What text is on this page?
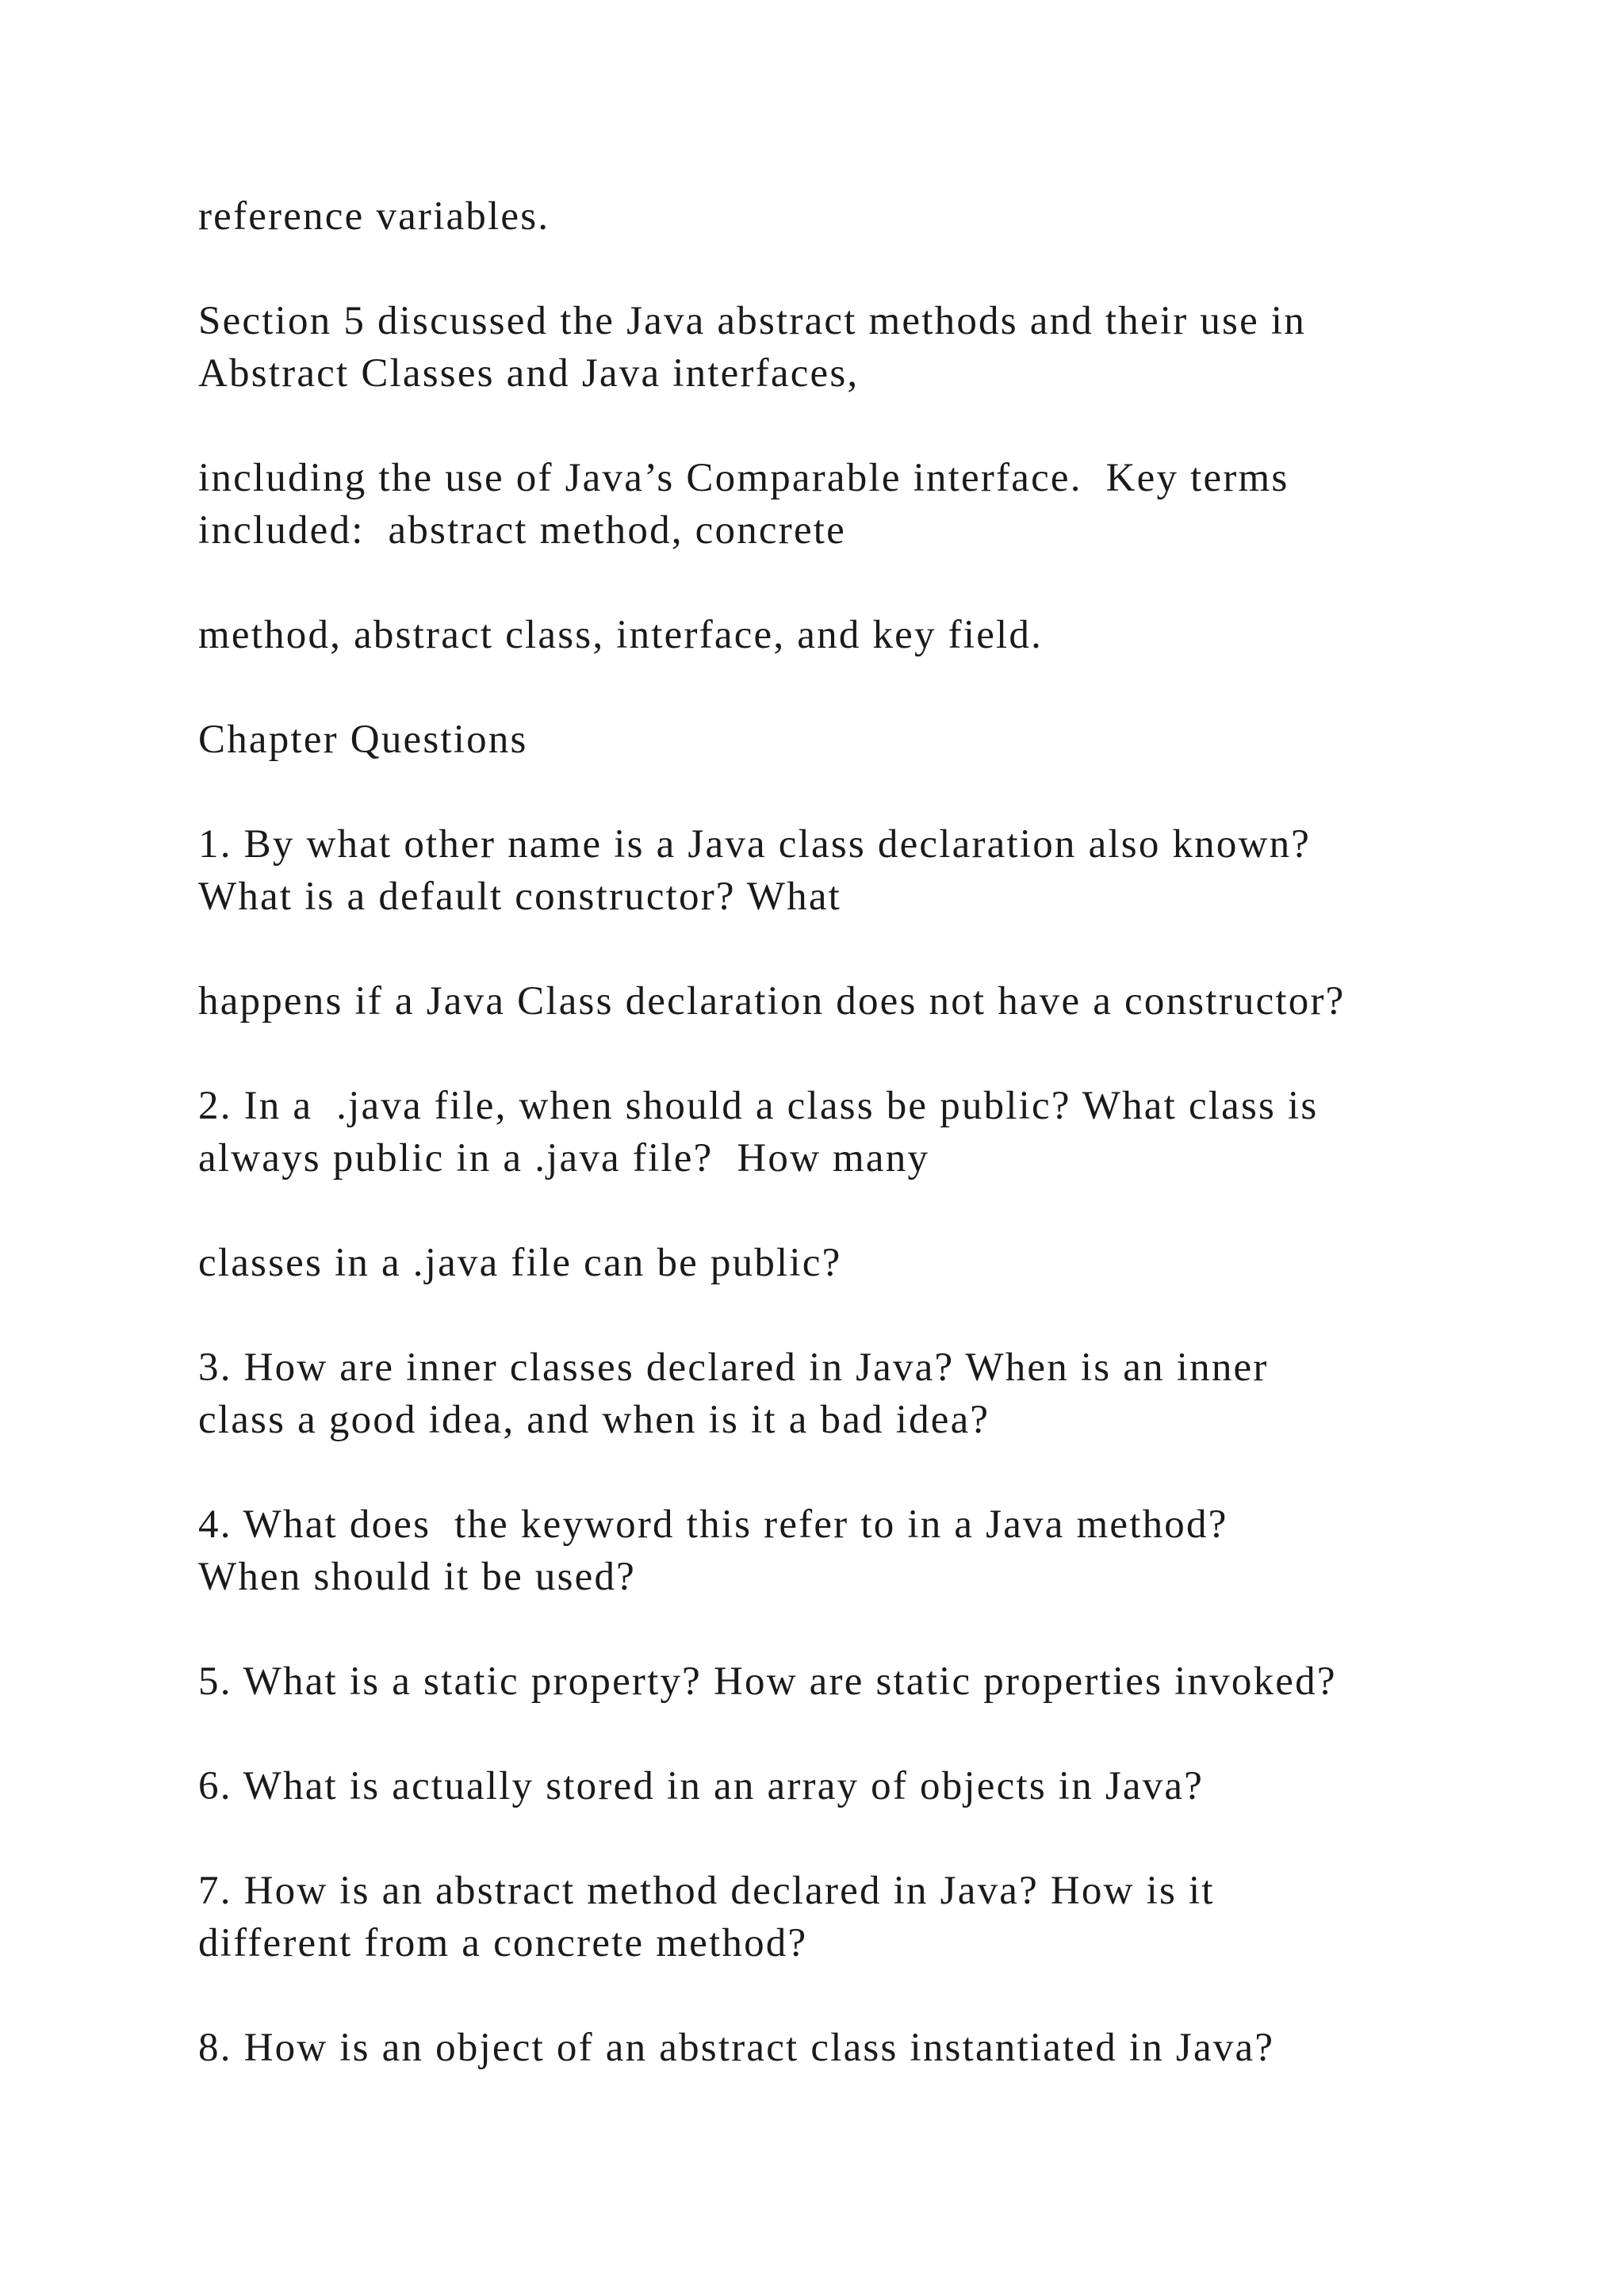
reference variables.

Section 5 discussed the Java abstract methods and their use in

Abstract Classes and Java interfaces,

including the use of Java’s Comparable interface.  Key terms

included:  abstract method, concrete

method, abstract class, interface, and key field.

Chapter Questions

1. By what other name is a Java class declaration also known?

What is a default constructor? What

happens if a Java Class declaration does not have a constructor?

2. In a  .java file, when should a class be public? What class is

always public in a .java file?  How many

classes in a .java file can be public?

3. How are inner classes declared in Java? When is an inner

class a good idea, and when is it a bad idea?

4. What does  the keyword this refer to in a Java method?

When should it be used?

5. What is a static property? How are static properties invoked?

6. What is actually stored in an array of objects in Java?

7. How is an abstract method declared in Java? How is it

different from a concrete method?

8. How is an object of an abstract class instantiated in Java?
